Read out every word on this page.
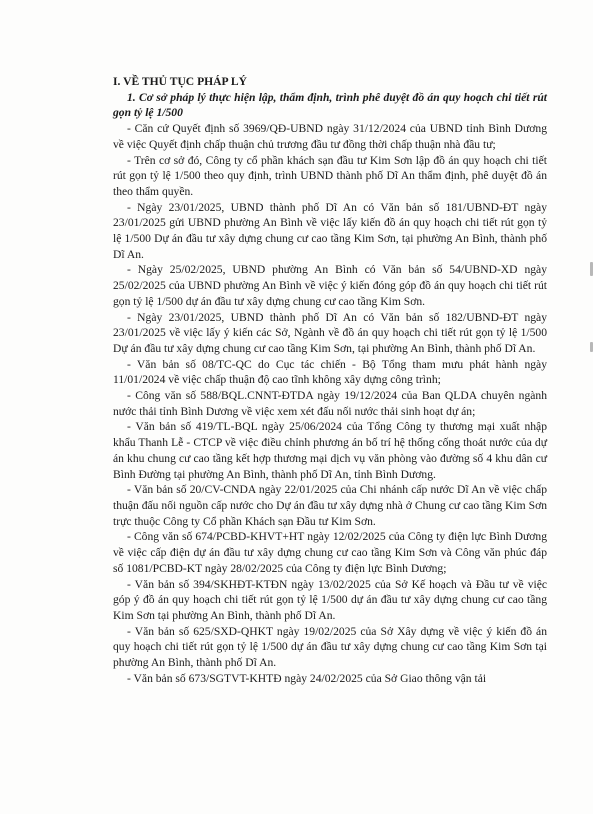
I. VỀ THỦ TỤC PHÁP LÝ

1. Cơ sở pháp lý thực hiện lập, thẩm định, trình phê duyệt đồ án quy hoạch chi tiết rút gọn tỷ lệ 1/500

- Căn cứ Quyết định số 3969/QĐ-UBND ngày 31/12/2024 của UBND tỉnh Bình Dương về việc Quyết định chấp thuận chủ trương đầu tư đồng thời chấp thuận nhà đầu tư;

- Trên cơ sở đó, Công ty cổ phần khách sạn đầu tư Kim Sơn lập đồ án quy hoạch chi tiết rút gọn tỷ lệ 1/500 theo quy định, trình UBND thành phố Dĩ An thẩm định, phê duyệt đồ án theo thẩm quyền.

- Ngày 23/01/2025, UBND thành phố Dĩ An có Văn bản số 181/UBND-ĐT ngày 23/01/2025 gửi UBND phường An Bình về việc lấy kiến đồ án quy hoạch chi tiết rút gọn tỷ lệ 1/500 Dự án đầu tư xây dựng chung cư cao tầng Kim Sơn, tại phường An Bình, thành phố Dĩ An.

- Ngày 25/02/2025, UBND phường An Bình có Văn bản số 54/UBND-XD ngày 25/02/2025 của UBND phường An Bình về việc ý kiến đóng góp đồ án quy hoạch chi tiết rút gọn tỷ lệ 1/500 dự án đầu tư xây dựng chung cư cao tầng Kim Sơn.

- Ngày 23/01/2025, UBND thành phố Dĩ An có Văn bản số 182/UBND-ĐT ngày 23/01/2025 về việc lấy ý kiến các Sở, Ngành về đồ án quy hoạch chi tiết rút gọn tỷ lệ 1/500 Dự án đầu tư xây dựng chung cư cao tầng Kim Sơn, tại phường An Bình, thành phố Dĩ An.

- Văn bản số 08/TC-QC do Cục tác chiến - Bộ Tổng tham mưu phát hành ngày 11/01/2024 về việc chấp thuận độ cao tĩnh không xây dựng công trình;

- Công văn số 588/BQL.CNNT-ĐTDA ngày 19/12/2024 của Ban QLDA chuyên ngành nước thải tỉnh Bình Dương về việc xem xét đấu nối nước thải sinh hoạt dự án;

- Văn bản số 419/TL-BQL ngày 25/06/2024 của Tổng Công ty thương mại xuất nhập khẩu Thanh Lễ - CTCP về việc điều chỉnh phương án bố trí hệ thống cống thoát nước của dự án khu chung cư cao tầng kết hợp thương mại dịch vụ văn phòng vào đường số 4 khu dân cư Bình Đường tại phường An Bình, thành phố Dĩ An, tỉnh Bình Dương.

- Văn bản số 20/CV-CNDA ngày 22/01/2025 của Chi nhánh cấp nước Dĩ An về việc chấp thuận đấu nối nguồn cấp nước cho Dự án đầu tư xây dựng nhà ở Chung cư cao tầng Kim Sơn trực thuộc Công ty Cổ phần Khách sạn Đầu tư Kim Sơn.

- Công văn số 674/PCBD-KHVT+HT ngày 12/02/2025 của Công ty điện lực Bình Dương về việc cấp điện dự án đầu tư xây dựng chung cư cao tầng Kim Sơn và Công văn phúc đáp số 1081/PCBD-KT ngày 28/02/2025 của Công ty điện lực Bình Dương;

- Văn bản số 394/SKHĐT-KTĐN ngày 13/02/2025 của Sở Kế hoạch và Đầu tư về việc góp ý đồ án quy hoạch chi tiết rút gọn tỷ lệ 1/500 dự án đầu tư xây dựng chung cư cao tầng Kim Sơn tại phường An Bình, thành phố Dĩ An.

- Văn bản số 625/SXD-QHKT ngày 19/02/2025 của Sở Xây dựng về việc ý kiến đồ án quy hoạch chi tiết rút gọn tỷ lệ 1/500 dự án đầu tư xây dựng chung cư cao tầng Kim Sơn tại phường An Bình, thành phố Dĩ An.

- Văn bản số 673/SGTVT-KHTĐ ngày 24/02/2025 của Sở Giao thông vận tải
